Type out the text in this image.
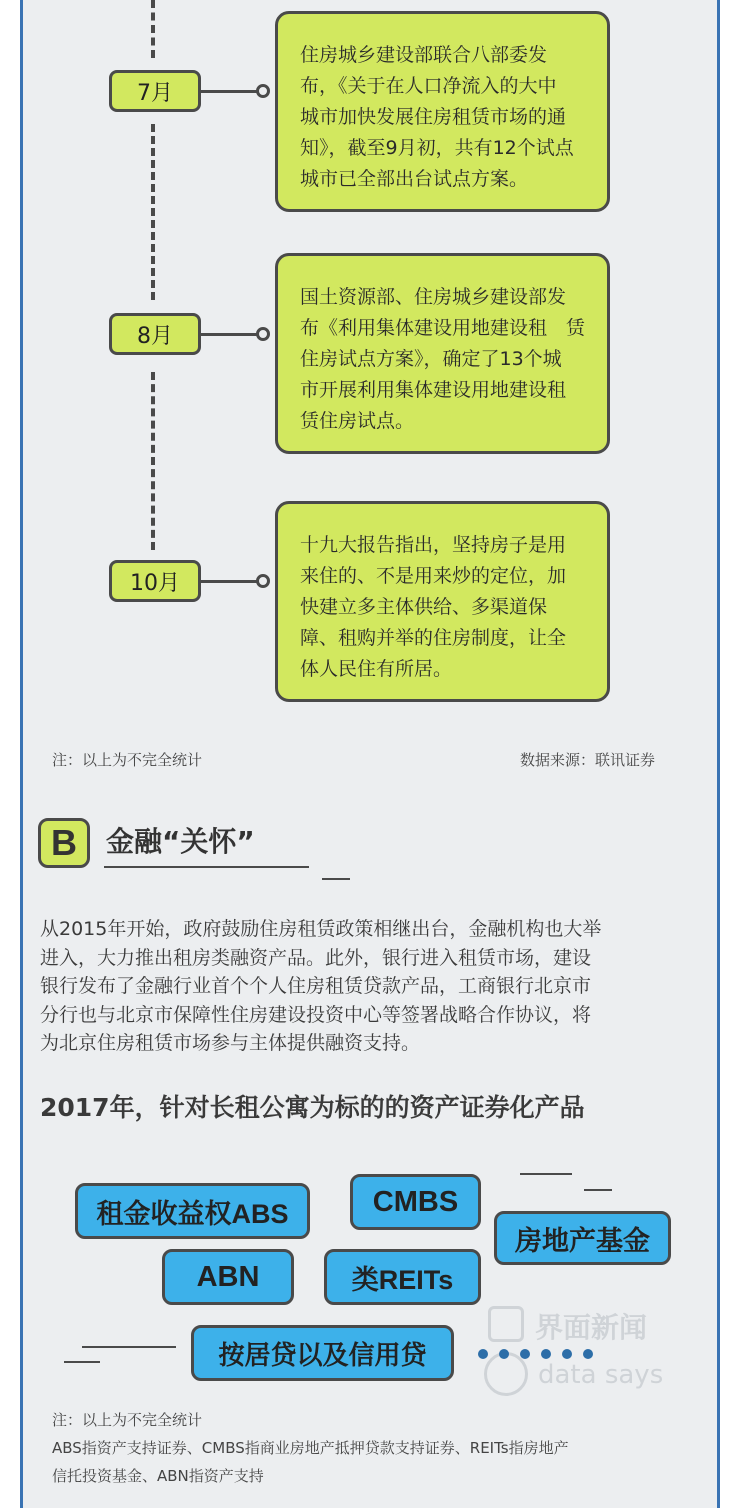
7月
住房城乡建设部联合八部委发
布，《关于在人口净流入的大中
城市加快发展住房租赁市场的通
知》，截至9月初，共有12个试点
城市已全部出台试点方案。
8月
国土资源部、住房城乡建设部发
布《利用集体建设用地建设租　赁
住房试点方案》，确定了13个城
市开展利用集体建设用地建设租
赁住房试点。
10月
十九大报告指出，坚持房子是用
来住的、不是用来炒的定位，加
快建立多主体供给、多渠道保
障、租购并举的住房制度，让全
体人民住有所居。
注：以上为不完全统计	数据来源：联讯证券
B	金融“关怀”
从2015年开始，政府鼓励住房租赁政策相继出台，金融机构也大举
进入，大力推出租房类融资产品。此外，银行进入租赁市场，建设
银行发布了金融行业首个个人住房租赁贷款产品，工商银行北京市
分行也与北京市保障性住房建设投资中心等签署战略合作协议，将
为北京住房租赁市场参与主体提供融资支持。
2017年，针对长租公寓为标的的资产证券化产品
界面新闻
data says
租金收益权ABS	CMBS
房地产基金
ABN	类REITs
按居贷以及信用贷
注：以上为不完全统计
ABS指资产支持证券、CMBS指商业房地产抵押贷款支持证券、REITs指房地产
信托投资基金、ABN指资产支持
